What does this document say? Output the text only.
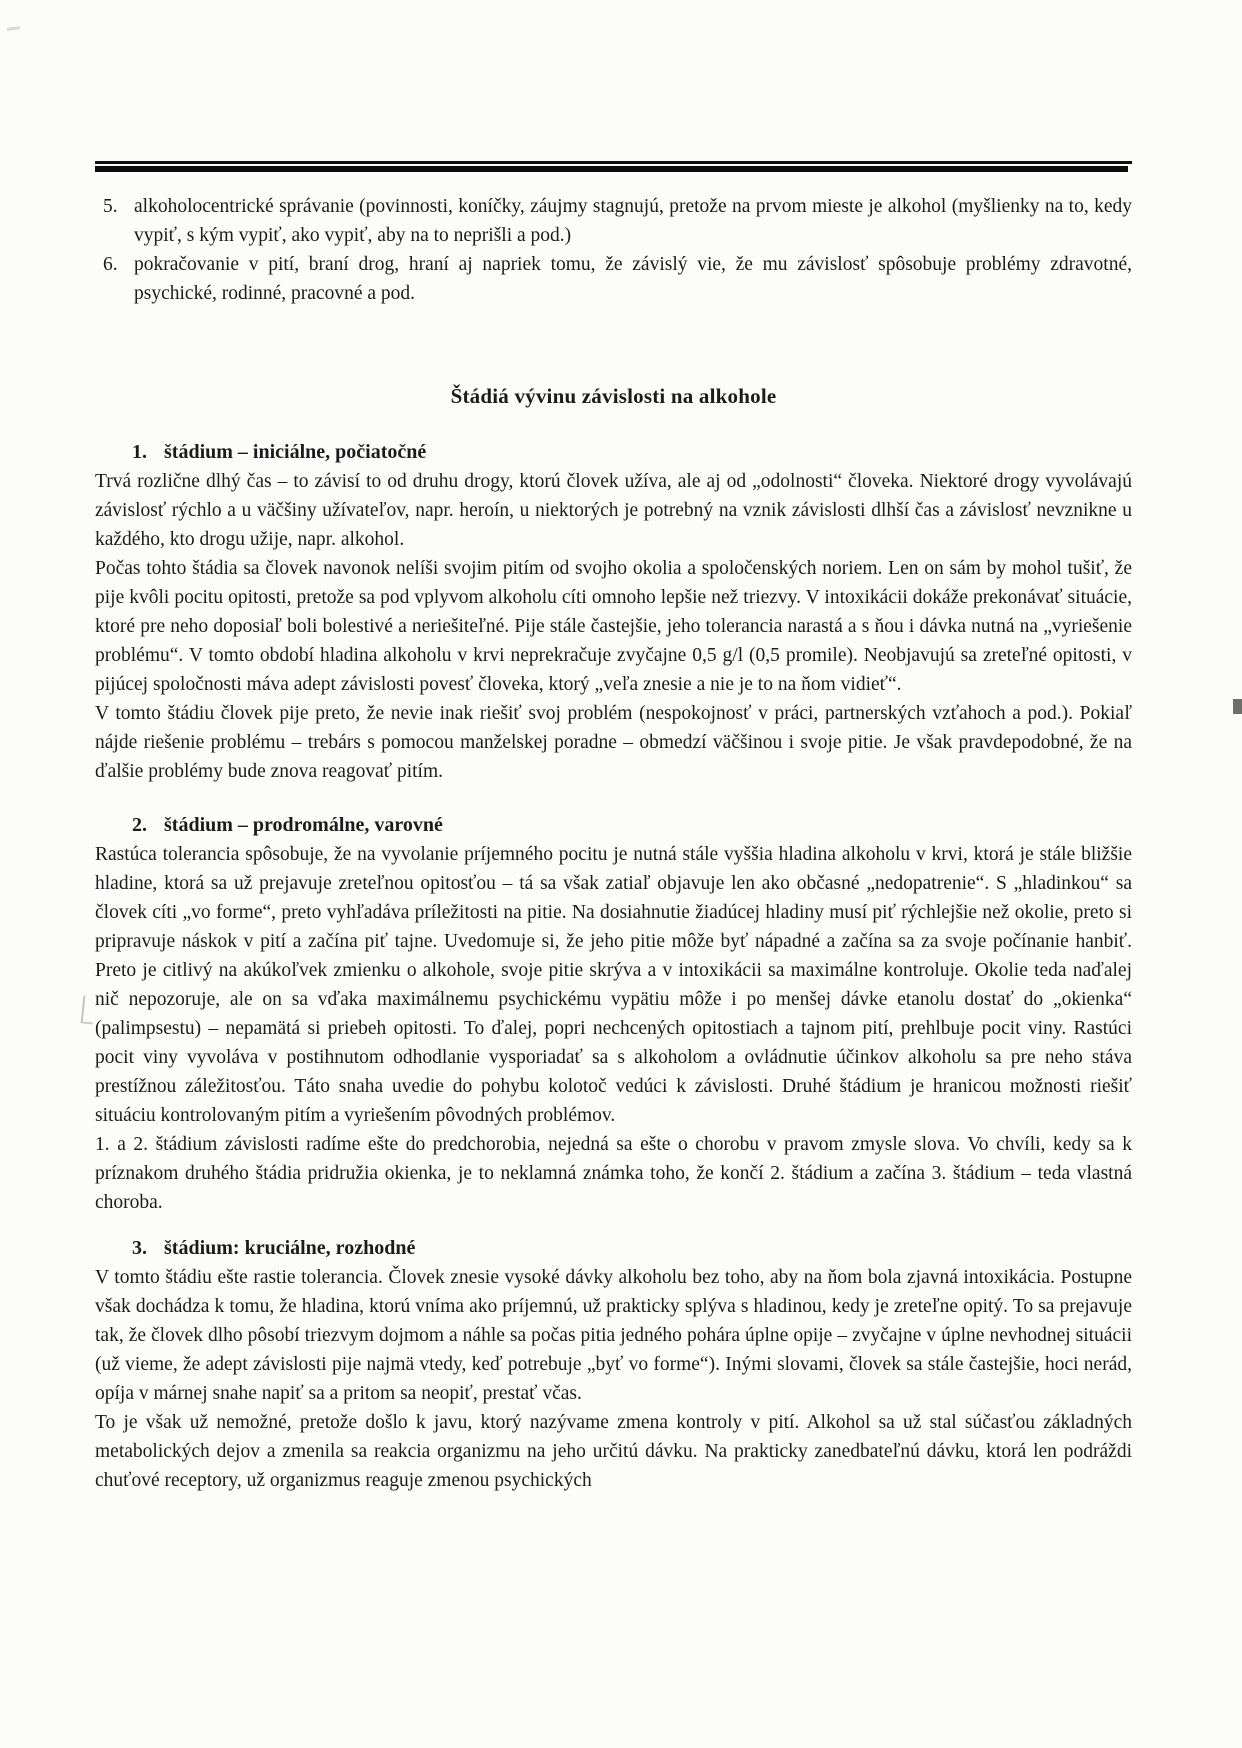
5. alkoholocentrické správanie (povinnosti, koníčky, záujmy stagnujú, pretože na prvom mieste je alkohol (myšlienky na to, kedy vypiť, s kým vypiť, ako vypiť, aby na to neprišli a pod.)
6. pokračovanie v pití, braní drog, hraní aj napriek tomu, že závislý vie, že mu závislosť spôsobuje problémy zdravotné, psychické, rodinné, pracovné a pod.
Štádiá vývinu závislosti na alkohole
1. štádium – iniciálne, počiatočné

Trvá rozlične dlhý čas – to závisí to od druhu drogy, ktorú človek užíva, ale aj od „odolnosti“ človeka. Niektoré drogy vyvolávajú závislosť rýchlo a u väčšiny užívateľov, napr. heroín, u niektorých je potrebný na vznik závislosti dlhší čas a závislosť nevznikne u každého, kto drogu užije, napr. alkohol.

Počas tohto štádia sa človek navonok nelíši svojim pitím od svojho okolia a spoločenských noriem. Len on sám by mohol tušiť, že pije kvôli pocitu opitosti, pretože sa pod vplyvom alkoholu cíti omnoho lepšie než triezvy. V intoxikácii dokáže prekonávať situácie, ktoré pre neho doposiaľ boli bolestivé a neriešiteľné. Pije stále častejšie, jeho tolerancia narastá a s ňou i dávka nutná na „vyriešenie problému“. V tomto období hladina alkoholu v krvi neprekračuje zvyčajne 0,5 g/l (0,5 promile). Neobjavujú sa zreteľné opitosti, v pijúcej spoločnosti máva adept závislosti povesť človeka, ktorý „veľa znesie a nie je to na ňom vidieť“.

V tomto štádiu človek pije preto, že nevie inak riešiť svoj problém (nespokojnosť v práci, partnerských vzťahoch a pod.). Pokiaľ nájde riešenie problému – trebárs s pomocou manželskej poradne – obmedzí väčšinou i svoje pitie. Je však pravdepodobné, že na ďalšie problémy bude znova reagovať pitím.

2. štádium – prodromálne, varovné

Rastúca tolerancia spôsobuje, že na vyvolanie príjemného pocitu je nutná stále vyššia hladina alkoholu v krvi, ktorá je stále bližšie hladine, ktorá sa už prejavuje zreteľnou opitosťou – tá sa však zatiaľ objavuje len ako občasné „nedopatrenie“. S „hladinkou“ sa človek cíti „vo forme“, preto vyhľadáva príležitosti na pitie. Na dosiahnutie žiadúcej hladiny musí piť rýchlejšie než okolie, preto si pripravuje náskok v pití a začína piť tajne. Uvedomuje si, že jeho pitie môže byť nápadné a začína sa za svoje počínanie hanbiť. Preto je citlivý na akúkoľvek zmienku o alkohole, svoje pitie skrýva a v intoxikácii sa maximálne kontroluje. Okolie teda naďalej nič nepozoruje, ale on sa vďaka maximálnemu psychickému vypätiu môže i po menšej dávke etanolu dostať do „okienka“ (palimpsestu) – nepamätá si priebeh opitosti. To ďalej, popri nechcených opitostiach a tajnom pití, prehlbuje pocit viny. Rastúci pocit viny vyvoláva v postihnutom odhodlanie vysporiadať sa s alkoholom a ovládnutie účinkov alkoholu sa pre neho stáva prestížnou záležitosťou. Táto snaha uvedie do pohybu kolotoč vedúci k závislosti. Druhé štádium je hranicou možnosti riešiť situáciu kontrolovaným pitím a vyriešením pôvodných problémov.

1. a 2. štádium závislosti radíme ešte do predchorobia, nejedná sa ešte o chorobu v pravom zmysle slova. Vo chvíli, kedy sa k príznakom druhého štádia pridružia okienka, je to neklamná známka toho, že končí 2. štádium a začína 3. štádium – teda vlastná choroba.

3. štádium: kruciálne, rozhodné

V tomto štádiu ešte rastie tolerancia. Človek znesie vysoké dávky alkoholu bez toho, aby na ňom bola zjavná intoxikácia. Postupne však dochádza k tomu, že hladina, ktorú vníma ako príjemnú, už prakticky splýva s hladinou, kedy je zreteľne opitý. To sa prejavuje tak, že človek dlho pôsobí triezvym dojmom a náhle sa počas pitia jedného pohára úplne opije – zvyčajne v úplne nevhodnej situácii (už vieme, že adept závislosti pije najmä vtedy, keď potrebuje „byť vo forme“). Inými slovami, človek sa stále častejšie, hoci nerád, opíja v márnej snahe napiť sa a pritom sa neopiť, prestať včas.

To je však už nemožné, pretože došlo k javu, ktorý nazývame zmena kontroly v pití. Alkohol sa už stal súčasťou základných metabolických dejov a zmenila sa reakcia organizmu na jeho určitú dávku. Na prakticky zanedbateľnú dávku, ktorá len podráždi chuťové receptory, už organizmus reaguje zmenou psychických
